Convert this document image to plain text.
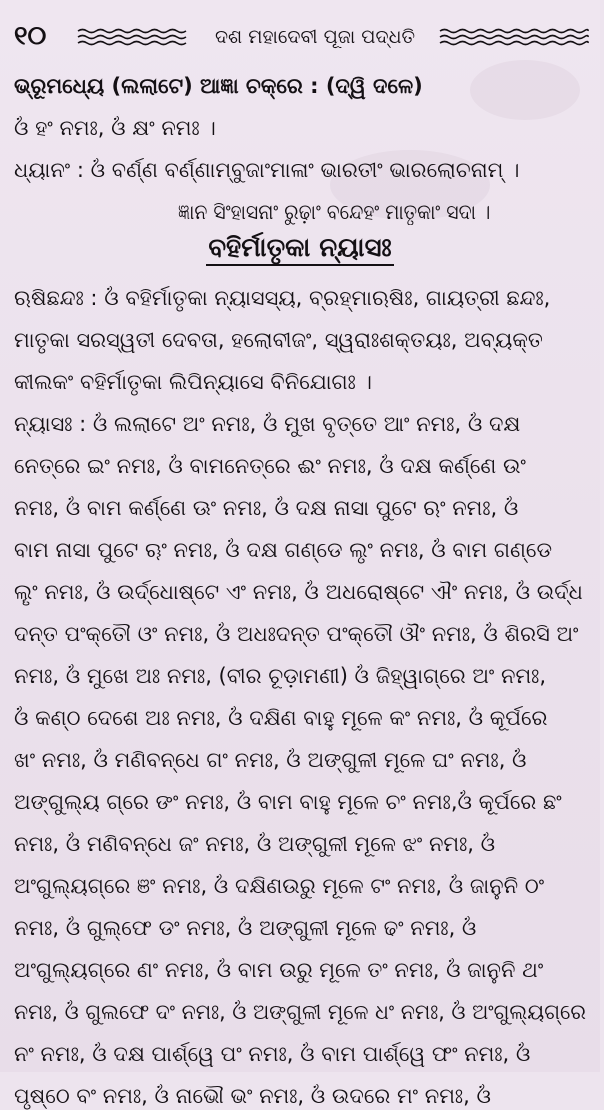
୧୦	ଦଶ ମହାଦେବୀ ପୂଜା ପଦ୍ଧତି
ଭ୍ରୂମଧ୍ୟେ (ଲଲାଟେ) ଆଜ୍ଞା ଚକ୍ରେ : (ଦ୍ୱି ଦଳେ)
ଓଁ ହଂ ନମଃ, ଓଁ କ୍ଷଂ ନମଃ ।
ଧ୍ୟାନଂ : ଓଁ ବର୍ଣ୍ଣ ବର୍ଣ୍ଣାମ୍ବୁଜାଂମାଳାଂ ଭାରତୀଂ ଭାରଲୋଚନାମ୍ ।
ଜ୍ଞାନ ସିଂହାସନାଂ ରୁଢ଼ାଂ ବନ୍ଦେହଂ ମାତୃକାଂ ସଦା ।
ବହିର୍ମାତୃକା ନ୍ୟାସଃ
ଋଷିଛନ୍ଦଃ : ଓଁ ବହିର୍ମାତୃକା ନ୍ୟାସସ୍ୟ, ବ୍ରହ୍ମାଋଷିଃ, ଗାୟତ୍ରୀ ଛନ୍ଦଃ,
ମାତୃକା ସରସ୍ୱତୀ ଦେବତା, ହଲୋବୀଜଂ, ସ୍ୱରାଃଶକ୍ତୟଃ, ଅବ୍ୟକ୍ତ
କୀଲକଂ ବହିର୍ମାତୃକା ଲିପିନ୍ୟାସେ ବିନିଯୋଗଃ ।
ନ୍ୟାସଃ : ଓଁ ଲଲାଟେ ଅଂ ନମଃ, ଓଁ ମୁଖ ବୃତ୍ତେ ଆଂ ନମଃ, ଓଁ ଦକ୍ଷ
ନେତ୍ରେ ଇଂ ନମଃ, ଓଁ ବାମନେତ୍ରେ ଈଂ ନମଃ, ଓଁ ଦକ୍ଷ କର୍ଣ୍ଣେ ଉଂ
ନମଃ, ଓଁ ବାମ କର୍ଣ୍ଣେ ଊଂ ନମଃ, ଓଁ ଦକ୍ଷ ନାସା ପୁଟେ ଋଂ ନମଃ, ଓଁ
ବାମ ନାସା ପୁଟେ ୠଂ ନମଃ, ଓଁ ଦକ୍ଷ ଗଣ୍ଡେ ଲୃଂ ନମଃ, ଓଁ ବାମ ଗଣ୍ଡେ
ଲୄଂ ନମଃ, ଓଁ ଉର୍ଦ୍ଧୋଷ୍ଟେ ଏଂ ନମଃ, ଓଁ ଅଧରୋଷ୍ଟେ ଐଂ ନମଃ, ଓଁ ଉର୍ଦ୍ଧ
ଦନ୍ତ ପଂକ୍ତୌ ଓଂ ନମଃ, ଓଁ ଅଧଃଦନ୍ତ ପଂକ୍ତୌ ଔଂ ନମଃ, ଓଁ ଶିରସି ଅଂ
ନମଃ, ଓଁ ମୁଖେ ଅଃ ନମଃ, (ବୀର ଚୂଡ଼ାମଣୀ) ଓଁ ଜିହ୍ୱାଗ୍ରେ ଅଂ ନମଃ,
ଓଁ କଣ୍ଠ ଦେଶେ ଅଃ ନମଃ, ଓଁ ଦକ୍ଷିଣ ବାହୁ ମୂଳେ କଂ ନମଃ, ଓଁ କୂର୍ପରେ
ଖଂ ନମଃ, ଓଁ ମଣିବନ୍ଧେ ଗଂ ନମଃ, ଓଁ ଅଙ୍ଗୁଳୀ ମୂଳେ ଘଂ ନମଃ, ଓଁ
ଅଙ୍ଗୁଲ୍ୟ ଗ୍ରେ ଙଂ ନମଃ, ଓଁ ବାମ ବାହୁ ମୂଳେ ଚଂ ନମଃ,ଓଁ କୂର୍ପରେ ଛଂ
ନମଃ, ଓଁ ମଣିବନ୍ଧେ ଜଂ ନମଃ, ଓଁ ଅଙ୍ଗୁଳୀ ମୂଳେ ଝଂ ନମଃ, ଓଁ
ଅଂଗୁଲ୍ୟଗ୍ରେ ଞଂ ନମଃ, ଓଁ ଦକ୍ଷିଣଉରୁ ମୂଳେ ଟଂ ନମଃ, ଓଁ ଜାନୁନି ଠଂ
ନମଃ, ଓଁ ଗୁଲ୍ଫେ ଡଂ ନମଃ, ଓଁ ଅଙ୍ଗୁଳୀ ମୂଳେ ଢଂ ନମଃ, ଓଁ
ଅଂଗୁଲ୍ୟଗ୍ରେ ଣଂ ନମଃ, ଓଁ ବାମ ଉରୁ ମୂଳେ ତଂ ନମଃ, ଓଁ ଜାନୁନି ଥଂ
ନମଃ, ଓଁ ଗୁଲଫେ ଦଂ ନମଃ, ଓଁ ଅଙ୍ଗୁଳୀ ମୂଳେ ଧଂ ନମଃ, ଓଁ ଅଂଗୁଲ୍ୟଗ୍ରେ
ନଂ ନମଃ, ଓଁ ଦକ୍ଷ ପାର୍ଶ୍ୱେ ପଂ ନମଃ, ଓଁ ବାମ ପାର୍ଶ୍ୱେ ଫଂ ନମଃ, ଓଁ
ପୃଷ୍ଠେ ବଂ ନମଃ, ଓଁ ନାଭୌ ଭଂ ନମଃ, ଓଁ ଉଦରେ ମଂ ନମଃ, ଓଁ
